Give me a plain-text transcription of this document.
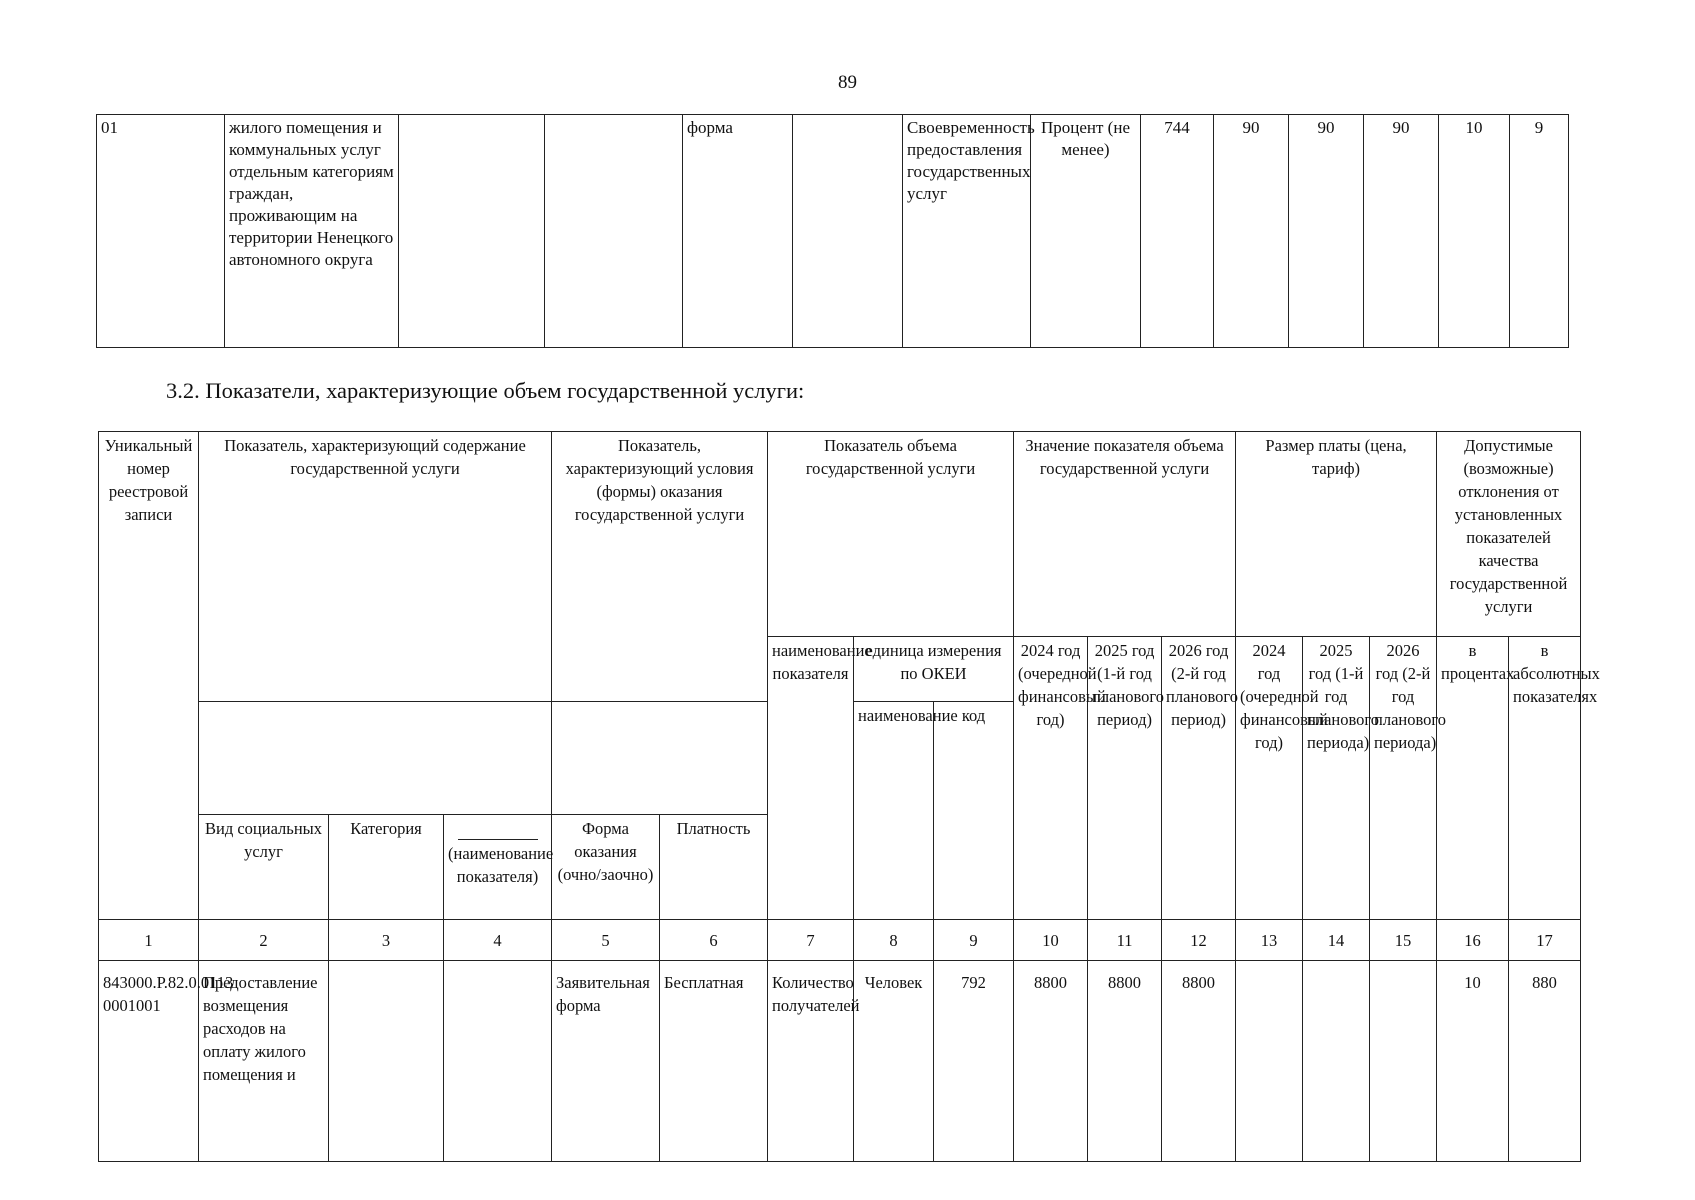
89
01	жилого помещения и коммунальных услуг отдельным категориям граждан, проживающим на территории Ненецкого автономного округа			форма		Своевременность предоставления государственных услуг	Процент (не менее)	744	90	90	90	10	9
3.2. Показатели, характеризующие объем государственной услуги:
Уникальный номер реестровой записи	Показатель, характеризующий содержание государственной услуги			Показатель, характеризующий условия (формы) оказания государственной услуги		Показатель объема государственной услуги			Значение показателя объема государственной услуги			Размер платы (цена, тариф)			Допустимые (возможные) отклонения от установленных показателей качества государственной услуги	
						наименование показателя	единица измерения по ОКЕИ		2024 год (очередной финансовый год)	2025 год (1-й год планового период)	2026 год (2-й год планового период)	2024 год (очередной финансовый год)	2025 год (1-й год планового периода)	2026 год (2-й год планового периода)	в процентах	в абсолютных показателях
							наименование	код								
	Вид социальных услуг	Категория	(наименование показателя)	Форма оказания (очно/заочно)	Платность											
1	2	3	4	5	6	7	8	9	10	11	12	13	14	15	16	17
843000.Р.82.0.0113 0001001	Предоставление возмещения расходов на оплату жилого помещения и			Заявительная форма	Бесплатная	Количество получателей	Человек	792	8800	8800	8800				10	880
